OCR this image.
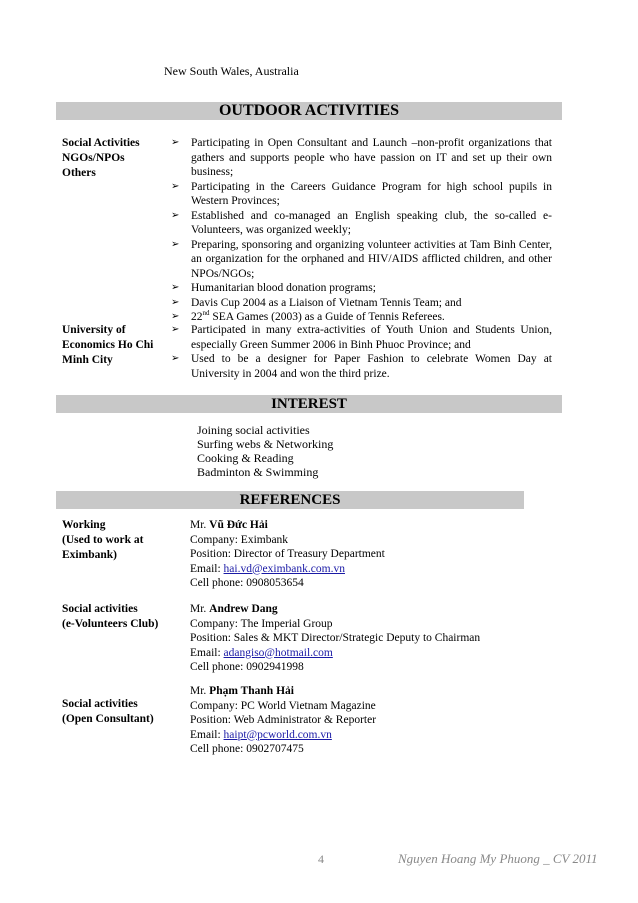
New South Wales, Australia
OUTDOOR ACTIVITIES
Social Activities
NGOs/NPOs
Others
➢	Participating in Open Consultant and Launch –non-profit organizations that gathers and supports people who have passion on IT and set up their own business;
➢	Participating in the Careers Guidance Program for high school pupils in Western Provinces;
➢	Established and co-managed an English speaking club, the so-called e-Volunteers, was organized weekly;
➢	Preparing, sponsoring and organizing volunteer activities at Tam Binh Center, an organization for the orphaned and HIV/AIDS afflicted children, and other NPOs/NGOs;
➢	Humanitarian blood donation programs;
➢	Davis Cup 2004 as a Liaison of Vietnam Tennis Team; and
➢	22nd SEA Games (2003) as a Guide of Tennis Referees.
University of
Economics Ho Chi
Minh City
➢	Participated in many extra-activities of Youth Union and Students Union, especially Green Summer 2006 in Binh Phuoc Province; and
➢	Used to be a designer for Paper Fashion to celebrate Women Day at University in 2004 and won the third prize.
INTEREST
Joining social activities
Surfing webs & Networking
Cooking & Reading
Badminton & Swimming
REFERENCES
Working
(Used to work at
Eximbank)
Mr. Vũ Đức Hải
Company: Eximbank
Position: Director of Treasury Department
Email: hai.vd@eximbank.com.vn
Cell phone: 0908053654
Social activities
(e-Volunteers Club)
Mr. Andrew Dang
Company: The Imperial Group
Position: Sales & MKT Director/Strategic Deputy to Chairman
Email: adangiso@hotmail.com
Cell phone: 0902941998
Social activities
(Open Consultant)
Mr. Phạm Thanh Hải
Company: PC World Vietnam Magazine
Position: Web Administrator & Reporter
Email: haipt@pcworld.com.vn
Cell phone: 0902707475
4	Nguyen Hoang My Phuong _ CV 2011
